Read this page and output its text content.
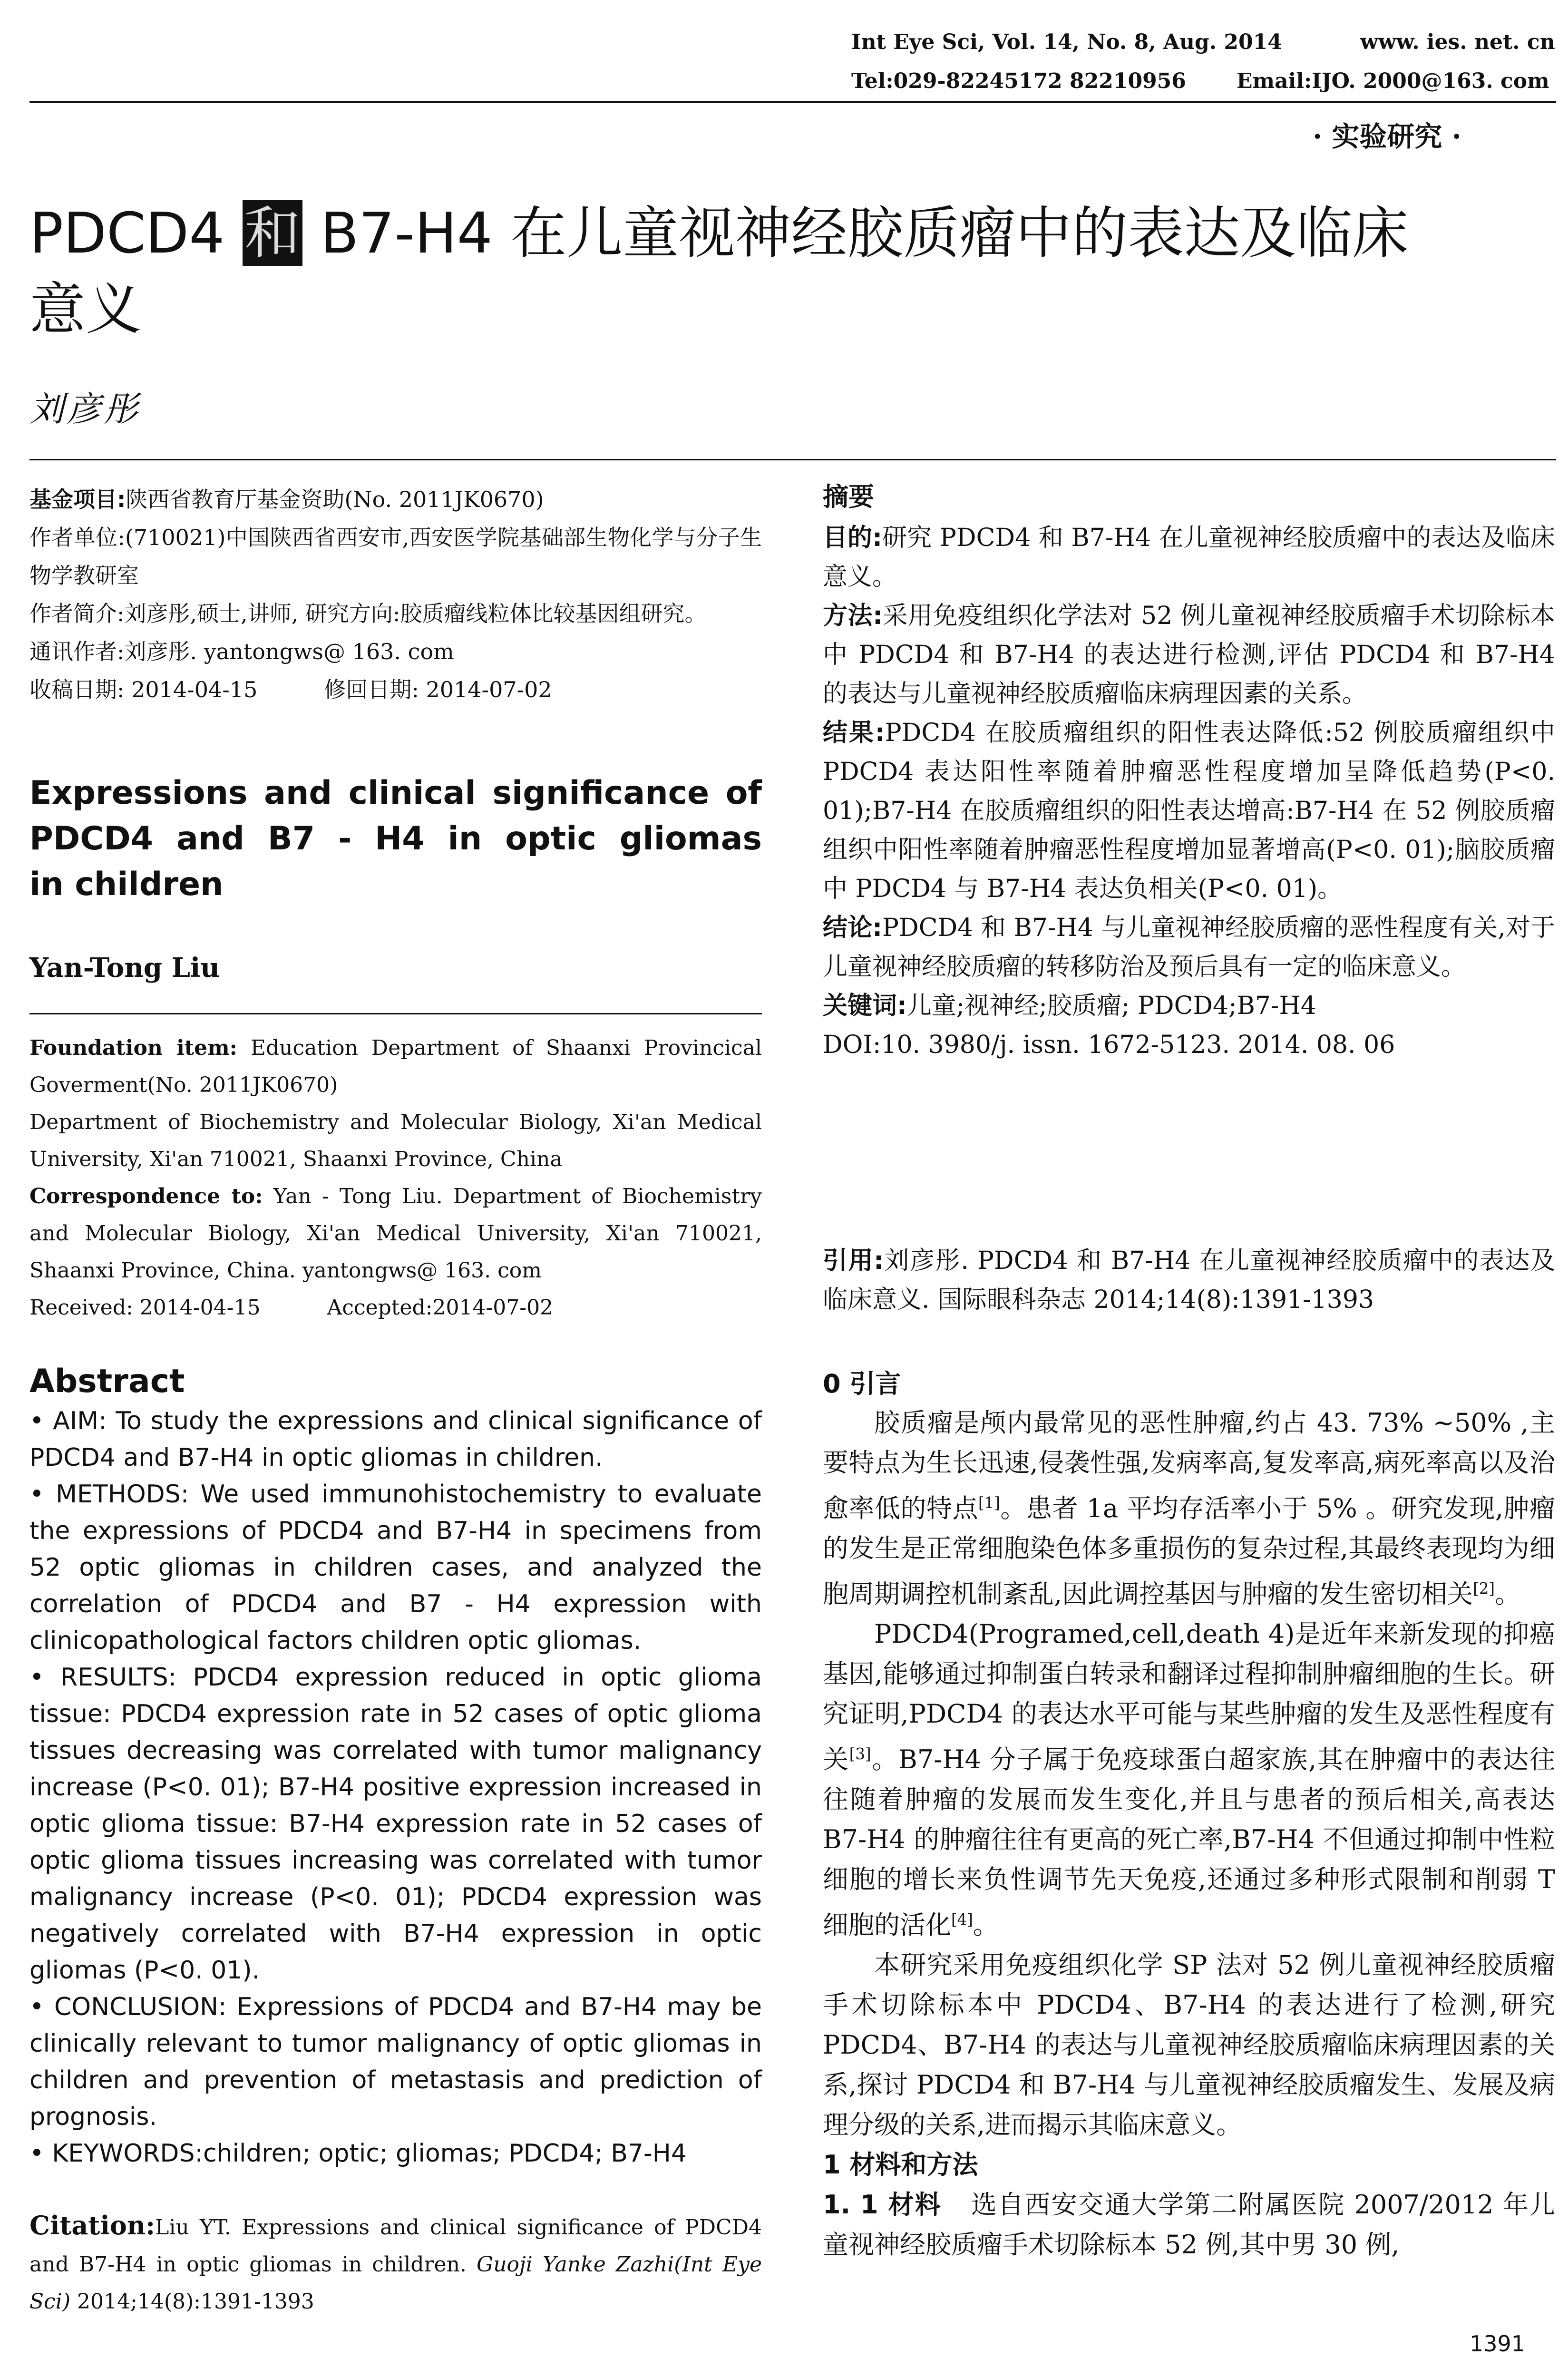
Int Eye Sci, Vol. 14, No. 8, Aug. 2014	www. ies. net. cn
Tel:029-82245172 82210956 Email:IJO. 2000@163. com
· 实验研究 ·
PDCD4 和 B7-H4 在儿童视神经胶质瘤中的表达及临床
意义
刘彦彤

基金项目:陕西省教育厅基金资助(No. 2011JK0670)

作者单位:(710021)中国陕西省西安市,西安医学院基础部生物化学与分子生物学教研室

作者简介:刘彦彤,硕士,讲师, 研究方向:胶质瘤线粒体比较基因组研究。

通讯作者:刘彦彤. yantongws@ 163. com

收稿日期: 2014-04-15	修回日期: 2014-07-02

Expressions and clinical significance of
PDCD4 and B7 - H4 in optic gliomas
in children
Yan-Tong Liu

Foundation item: Education Department of Shaanxi Provincical Goverment(No. 2011JK0670)

Department of Biochemistry and Molecular Biology, Xi'an Medical University, Xi'an 710021, Shaanxi Province, China

Correspondence to: Yan - Tong Liu. Department of Biochemistry and Molecular Biology, Xi'an Medical University, Xi'an 710021, Shaanxi Province, China. yantongws@ 163. com

Received: 2014-04-15	Accepted:2014-07-02

Abstract

• AIM: To study the expressions and clinical significance of PDCD4 and B7-H4 in optic gliomas in children.

• METHODS: We used immunohistochemistry to evaluate the expressions of PDCD4 and B7-H4 in specimens from 52 optic gliomas in children cases, and analyzed the correlation of PDCD4 and B7 - H4 expression with clinicopathological factors children optic gliomas.

• RESULTS: PDCD4 expression reduced in optic glioma tissue: PDCD4 expression rate in 52 cases of optic glioma tissues decreasing was correlated with tumor malignancy increase (P<0. 01); B7-H4 positive expression increased in optic glioma tissue: B7-H4 expression rate in 52 cases of optic glioma tissues increasing was correlated with tumor malignancy increase (P<0. 01); PDCD4 expression was negatively correlated with B7-H4 expression in optic gliomas (P<0. 01).

• CONCLUSION: Expressions of PDCD4 and B7-H4 may be clinically relevant to tumor malignancy of optic gliomas in children and prevention of metastasis and prediction of prognosis.

• KEYWORDS:children; optic; gliomas; PDCD4; B7-H4

Citation:Liu YT. Expressions and clinical significance of PDCD4 and B7-H4 in optic gliomas in children. Guoji Yanke Zazhi(Int Eye Sci) 2014;14(8):1391-1393

摘要

目的:研究 PDCD4 和 B7-H4 在儿童视神经胶质瘤中的表达及临床意义。

方法:采用免疫组织化学法对 52 例儿童视神经胶质瘤手术切除标本中 PDCD4 和 B7-H4 的表达进行检测,评估 PDCD4 和 B7-H4 的表达与儿童视神经胶质瘤临床病理因素的关系。

结果:PDCD4 在胶质瘤组织的阳性表达降低:52 例胶质瘤组织中 PDCD4 表达阳性率随着肿瘤恶性程度增加呈降低趋势(P<0. 01);B7-H4 在胶质瘤组织的阳性表达增高:B7-H4 在 52 例胶质瘤组织中阳性率随着肿瘤恶性程度增加显著增高(P<0. 01);脑胶质瘤中 PDCD4 与 B7-H4 表达负相关(P<0. 01)。

结论:PDCD4 和 B7-H4 与儿童视神经胶质瘤的恶性程度有关,对于儿童视神经胶质瘤的转移防治及预后具有一定的临床意义。

关键词:儿童;视神经;胶质瘤; PDCD4;B7-H4

DOI:10. 3980/j. issn. 1672-5123. 2014. 08. 06

引用:刘彦彤. PDCD4 和 B7-H4 在儿童视神经胶质瘤中的表达及临床意义. 国际眼科杂志 2014;14(8):1391-1393

0 引言

胶质瘤是颅内最常见的恶性肿瘤,约占 43. 73% ~50% ,主要特点为生长迅速,侵袭性强,发病率高,复发率高,病死率高以及治愈率低的特点[1]。患者 1a 平均存活率小于 5% 。研究发现,肿瘤的发生是正常细胞染色体多重损伤的复杂过程,其最终表现均为细胞周期调控机制紊乱,因此调控基因与肿瘤的发生密切相关[2]。

PDCD4(Programed,cell,death 4)是近年来新发现的抑癌基因,能够通过抑制蛋白转录和翻译过程抑制肿瘤细胞的生长。研究证明,PDCD4 的表达水平可能与某些肿瘤的发生及恶性程度有关[3]。B7-H4 分子属于免疫球蛋白超家族,其在肿瘤中的表达往往随着肿瘤的发展而发生变化,并且与患者的预后相关,高表达 B7-H4 的肿瘤往往有更高的死亡率,B7-H4 不但通过抑制中性粒细胞的增长来负性调节先天免疫,还通过多种形式限制和削弱 T 细胞的活化[4]。

本研究采用免疫组织化学 SP 法对 52 例儿童视神经胶质瘤手术切除标本中 PDCD4、B7-H4 的表达进行了检测,研究 PDCD4、B7-H4 的表达与儿童视神经胶质瘤临床病理因素的关系,探讨 PDCD4 和 B7-H4 与儿童视神经胶质瘤发生、发展及病理分级的关系,进而揭示其临床意义。

1 材料和方法

1. 1 材料 选自西安交通大学第二附属医院 2007/2012 年儿童视神经胶质瘤手术切除标本 52 例,其中男 30 例,

1391
